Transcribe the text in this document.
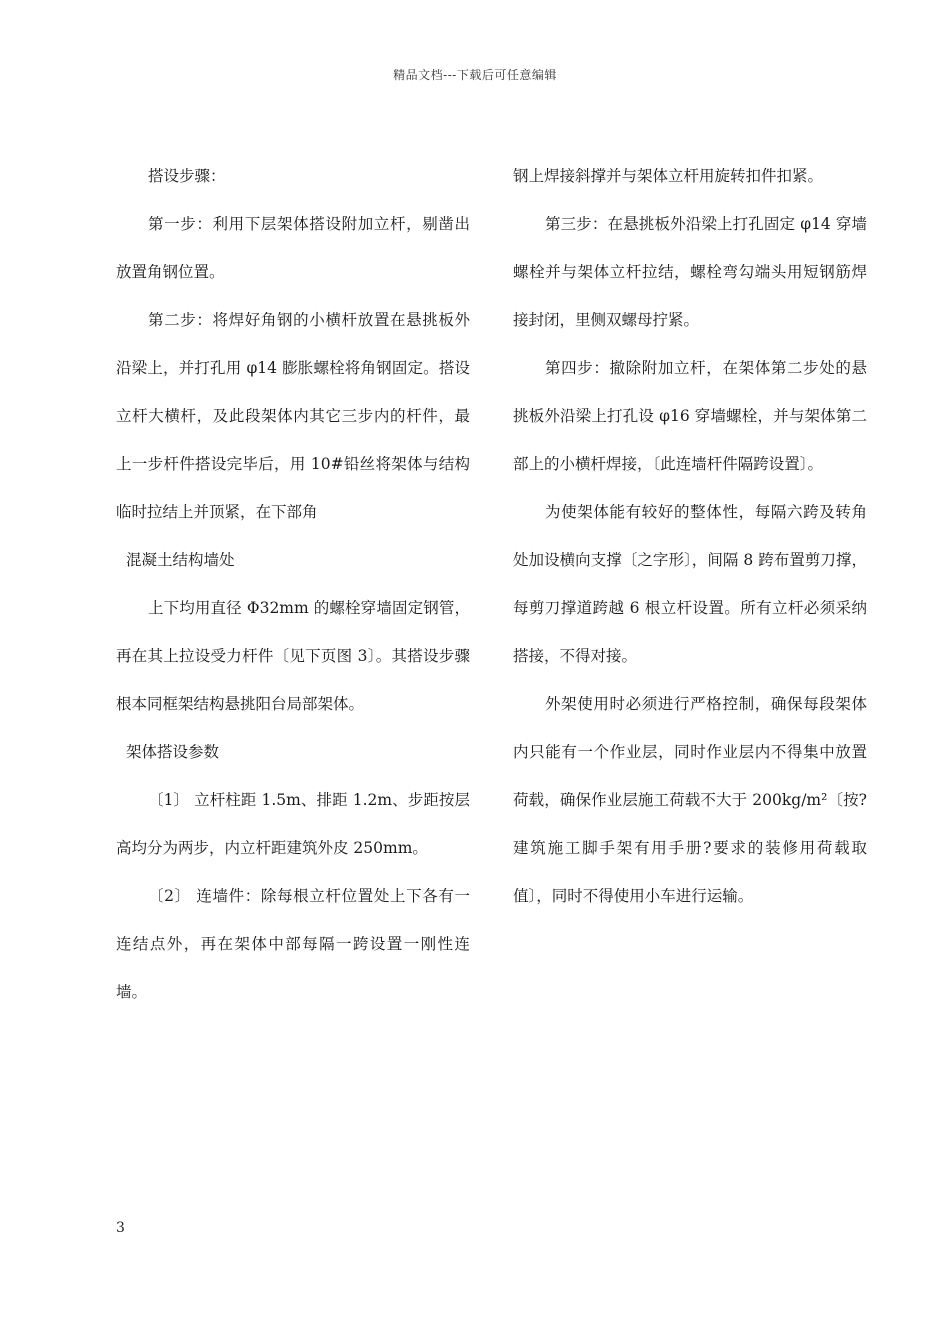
精品文档---下载后可任意编辑

搭设步骤：

第一步：利用下层架体搭设附加立杆，剔凿出放置角钢位置。

第二步：将焊好角钢的小横杆放置在悬挑板外沿梁上，并打孔用 φ14 膨胀螺栓将角钢固定。搭设立杆大横杆，及此段架体内其它三步内的杆件，最上一步杆件搭设完毕后，用 10#铅丝将架体与结构临时拉结上并顶紧，在下部角

混凝土结构墙处

上下均用直径 Φ32mm 的螺栓穿墙固定钢管，再在其上拉设受力杆件〔见下页图 3〕。其搭设步骤根本同框架结构悬挑阳台局部架体。

架体搭设参数

〔1〕 立杆柱距 1.5m、排距 1.2m、步距按层高均分为两步，内立杆距建筑外皮 250mm。

〔2〕 连墙件：除每根立杆位置处上下各有一连结点外，再在架体中部每隔一跨设置一刚性连墙。

钢上焊接斜撑并与架体立杆用旋转扣件扣紧。

第三步：在悬挑板外沿梁上打孔固定 φ14 穿墙螺栓并与架体立杆拉结，螺栓弯勾端头用短钢筋焊接封闭，里侧双螺母拧紧。

第四步：撤除附加立杆，在架体第二步处的悬挑板外沿梁上打孔设 φ16 穿墙螺栓，并与架体第二部上的小横杆焊接，〔此连墙杆件隔跨设置〕。

为使架体能有较好的整体性，每隔六跨及转角处加设横向支撑〔之字形〕，间隔 8 跨布置剪刀撑，每剪刀撑道跨越 6 根立杆设置。所有立杆必须采纳搭接，不得对接。

外架使用时必须进行严格控制，确保每段架体内只能有一个作业层，同时作业层内不得集中放置荷载，确保作业层施工荷载不大于 200kg/m²〔按?建筑施工脚手架有用手册?要求的装修用荷载取值〕，同时不得使用小车进行运输。

3
